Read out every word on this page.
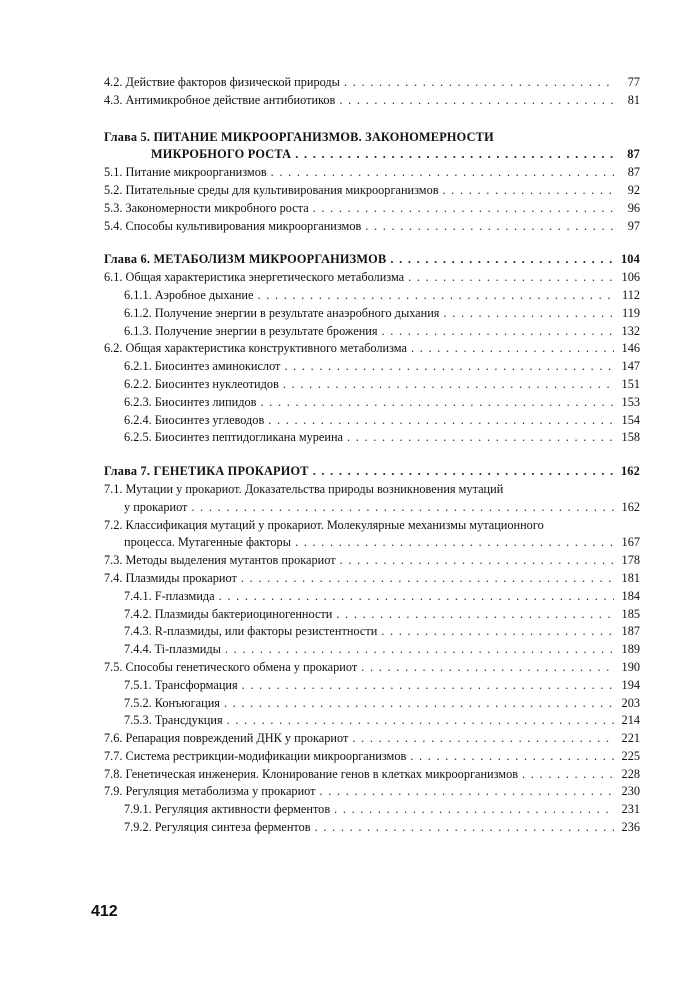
4.2. Действие факторов физической природы . . .	77
4.3. Антимикробное действие антибиотиков . . .	81
Глава 5. ПИТАНИЕ МИКРООРГАНИЗМОВ. ЗАКОНОМЕРНОСТИ
МИКРОБНОГО РОСТА . . .	87
5.1. Питание микроорганизмов . . .	87
5.2. Питательные среды для культивирования микроорганизмов . . .	92
5.3. Закономерности микробного роста . . .	96
5.4. Способы культивирования микроорганизмов . . .	97
Глава 6. МЕТАБОЛИЗМ МИКРООРГАНИЗМОВ . . .	104
6.1. Общая характеристика энергетического метаболизма . . .	106
6.1.1. Аэробное дыхание . . .	112
6.1.2. Получение энергии в результате анаэробного дыхания . . .	119
6.1.3. Получение энергии в результате брожения . . .	132
6.2. Общая характеристика конструктивного метаболизма . . .	146
6.2.1. Биосинтез аминокислот . . .	147
6.2.2. Биосинтез нуклеотидов . . .	151
6.2.3. Биосинтез липидов . . .	153
6.2.4. Биосинтез углеводов . . .	154
6.2.5. Биосинтез пептидогликана муреина . . .	158
Глава 7. ГЕНЕТИКА ПРОКАРИОТ . . .	162
7.1. Мутации у прокариот. Доказательства природы возникновения мутаций
у прокариот . . .	162
7.2. Классификация мутаций у прокариот. Молекулярные механизмы мутационного
процесса. Мутагенные факторы . . .	167
7.3. Методы выделения мутантов прокариот . . .	178
7.4. Плазмиды прокариот . . .	181
7.4.1. F-плазмида . . .	184
7.4.2. Плазмиды бактериоциногенности . . .	185
7.4.3. R-плазмиды, или факторы резистентности . . .	187
7.4.4. Ti-плазмиды . . .	189
7.5. Способы генетического обмена у прокариот . . .	190
7.5.1. Трансформация . . .	194
7.5.2. Конъюгация . . .	203
7.5.3. Трансдукция . . .	214
7.6. Репарация повреждений ДНК у прокариот . . .	221
7.7. Система рестрикции-модификации микроорганизмов . . .	225
7.8. Генетическая инженерия. Клонирование генов в клетках микроорганизмов . . .	228
7.9. Регуляция метаболизма у прокариот . . .	230
7.9.1. Регуляция активности ферментов . . .	231
7.9.2. Регуляция синтеза ферментов . . .	236
412
